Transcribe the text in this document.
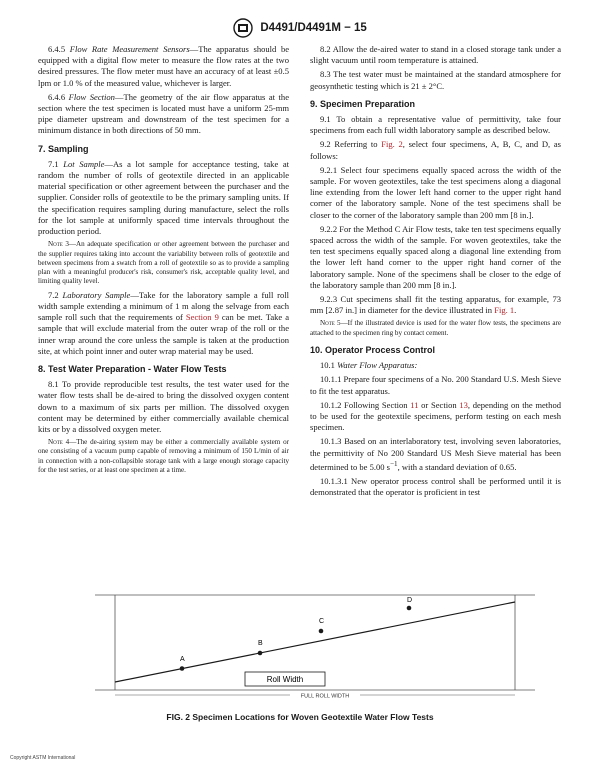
D4491/D4491M − 15

6.4.5 Flow Rate Measurement Sensors—The apparatus should be equipped with a digital flow meter to measure the flow rates at the two desired pressures. The flow meter must have an accuracy of at least ±0.5 lpm or 1.0 % of the measured value, whichever is larger.

6.4.6 Flow Section—The geometry of the air flow apparatus at the section where the test specimen is located must have a uniform 25-mm pipe diameter upstream and downstream of the test specimen for a minimum distance in both directions of 50 mm.

7. Sampling

7.1 Lot Sample—As a lot sample for acceptance testing, take at random the number of rolls of geotextile directed in an applicable material specification or other agreement between the purchaser and the supplier. Consider rolls of geotextile to be the primary sampling units. If the specification requires sampling during manufacture, select the rolls for the lot sample at uniformly spaced time intervals throughout the production period.

Note 3—An adequate specification or other agreement between the purchaser and the supplier requires taking into account the variability between rolls of geotextile and between specimens from a swatch from a roll of geotextile so as to provide a sampling plan with a meaningful producer's risk, consumer's risk, acceptable quality level, and limiting quality level.

7.2 Laboratory Sample—Take for the laboratory sample a full roll width sample extending a minimum of 1 m along the selvage from each sample roll such that the requirements of Section 9 can be met. Take a sample that will exclude material from the outer wrap of the roll or the inner wrap around the core unless the sample is taken at the production site, at which point inner and outer wrap material may be used.

8. Test Water Preparation - Water Flow Tests

8.1 To provide reproducible test results, the test water used for the water flow tests shall be de-aired to bring the dissolved oxygen content down to a maximum of six parts per million. The dissolved oxygen content may be determined by either commercially available chemical kits or by a dissolved oxygen meter.

Note 4—The de-airing system may be either a commercially available system or one consisting of a vacuum pump capable of removing a minimum of 150 L/min of air in connection with a non-collapsible storage tank with a large enough storage capacity for the test series, or at least one specimen at a time.

8.2 Allow the de-aired water to stand in a closed storage tank under a slight vacuum until room temperature is attained.

8.3 The test water must be maintained at the standard atmosphere for geosynthetic testing which is 21 ± 2°C.

9. Specimen Preparation

9.1 To obtain a representative value of permittivity, take four specimens from each full width laboratory sample as described below.

9.2 Referring to Fig. 2, select four specimens, A, B, C, and D, as follows:

9.2.1 Select four specimens equally spaced across the width of the sample. For woven geotextiles, take the test specimens along a diagonal line extending from the lower left hand corner to the upper right hand corner of the laboratory sample. None of the test specimens shall be closer to the corner of the laboratory sample than 200 mm [8 in.].

9.2.2 For the Method C Air Flow tests, take ten test specimens equally spaced across the width of the sample. For woven geotextiles, take the ten test specimens equally spaced along a diagonal line extending from the lower left hand corner to the upper right hand corner of the laboratory sample. None of the specimens shall be closer to the edge of the laboratory sample than 200 mm [8 in.].

9.2.3 Cut specimens shall fit the testing apparatus, for example, 73 mm [2.87 in.] in diameter for the device illustrated in Fig. 1.

Note 5—If the illustrated device is used for the water flow tests, the specimens are attached to the specimen ring by contact cement.

10. Operator Process Control

10.1 Water Flow Apparatus:

10.1.1 Prepare four specimens of a No. 200 Standard U.S. Mesh Sieve to fit the test apparatus.

10.1.2 Following Section 11 or Section 13, depending on the method to be used for the geotextile specimens, perform testing on each mesh specimen.

10.1.3 Based on an interlaboratory test, involving seven laboratories, the permittivity of No 200 Standard US Mesh Sieve material has been determined to be 5.00 $s^{-1}$, with a standard deviation of 0.65.

10.1.3.1 New operator process control shall be performed until it is demonstrated that the operator is proficient in test

A
B
C
D
Roll Width
FULL ROLL WIDTH
FIG. 2 Specimen Locations for Woven Geotextile Water Flow Tests
Copyright ASTM International
